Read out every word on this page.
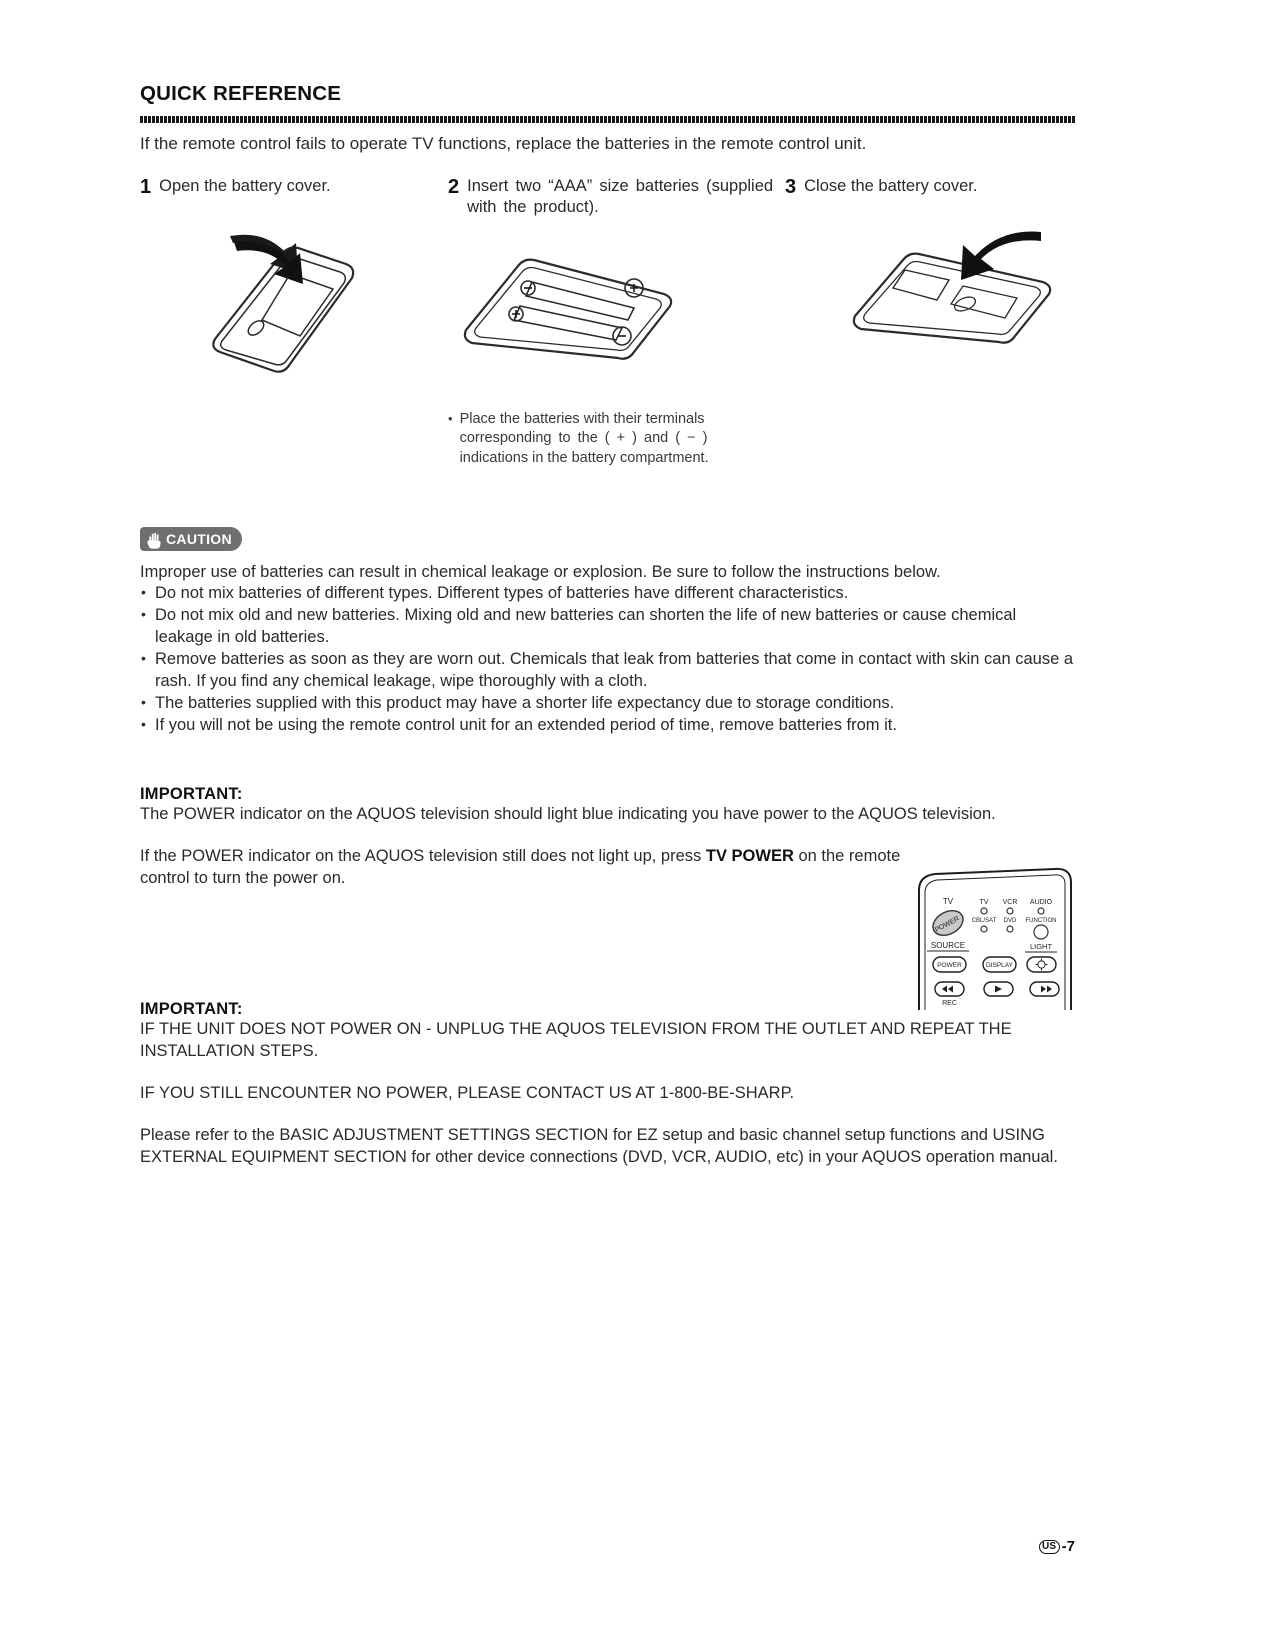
QUICK REFERENCE
If the remote control fails to operate TV functions, replace the batteries in the remote control unit.
1 Open the battery cover.	2 Insert two “AAA” size batteries (supplied with the product).
3 Close the battery cover.
• Place the batteries with their terminals
corresponding to the ( + ) and ( − )
indications in the battery compartment.
CAUTION
Improper use of batteries can result in chemical leakage or explosion. Be sure to follow the instructions below.
• Do not mix batteries of different types. Different types of batteries have different characteristics.
• Do not mix old and new batteries. Mixing old and new batteries can shorten the life of new batteries or cause chemical leakage in old batteries.
• Remove batteries as soon as they are worn out. Chemicals that leak from batteries that come in contact with skin can cause a rash. If you find any chemical leakage, wipe thoroughly with a cloth.
• The batteries supplied with this product may have a shorter life expectancy due to storage conditions.
• If you will not be using the remote control unit for an extended period of time, remove batteries from it.
IMPORTANT:
The POWER indicator on the AQUOS television should light blue indicating you have power to the AQUOS television.
If the POWER indicator on the AQUOS television still does not light up, press TV POWER on the remote control to turn the power on.
POWER
TV
SOURCE
TV VCR AUDIO
CBL/SAT DVD FUNCTION
LIGHT
POWER	DISPLAY
REC
IMPORTANT:
IF THE UNIT DOES NOT POWER ON - UNPLUG THE AQUOS TELEVISION FROM THE OUTLET AND REPEAT THE INSTALLATION STEPS.
IF YOU STILL ENCOUNTER NO POWER, PLEASE CONTACT US AT 1-800-BE-SHARP.
Please refer to the BASIC ADJUSTMENT SETTINGS SECTION for EZ setup and basic channel setup functions and USING EXTERNAL EQUIPMENT SECTION for other device connections (DVD, VCR, AUDIO, etc) in your AQUOS operation manual.
US -7
